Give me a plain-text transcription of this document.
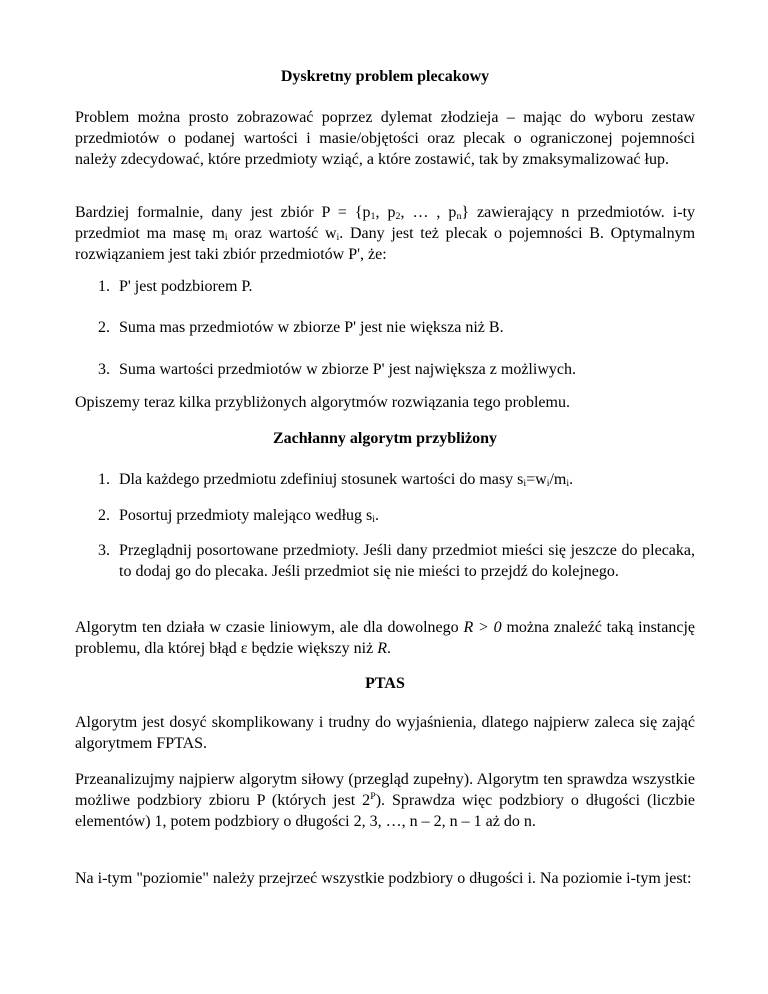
Dyskretny problem plecakowy
Problem można prosto zobrazować poprzez dylemat złodzieja – mając do wyboru zestaw przedmiotów o podanej wartości i masie/objętości oraz plecak o ograniczonej pojemności należy zdecydować, które przedmioty wziąć, a które zostawić, tak by zmaksymalizować łup.
Bardziej formalnie, dany jest zbiór $P = \{p_1$, $p_2$, … , $p_n$} zawierający n przedmiotów. i-ty przedmiot ma masę $m_i$ oraz wartość $w_i$. Dany jest też plecak o pojemności B. Optymalnym rozwiązaniem jest taki zbiór przedmiotów P', że:
1. P' jest podzbiorem P.
2. Suma mas przedmiotów w zbiorze P' jest nie większa niż B.
3. Suma wartości przedmiotów w zbiorze P' jest największa z możliwych.
Opiszemy teraz kilka przybliżonych algorytmów rozwiązania tego problemu.
Zachłanny algorytm przybliżony
1. Dla każdego przedmiotu zdefiniuj stosunek wartości do masy $s_i=w_i/m_i$.
2. Posortuj przedmioty malejąco według $s_i$.
3. Przeglądnij posortowane przedmioty. Jeśli dany przedmiot mieści się jeszcze do plecaka, to dodaj go do plecaka. Jeśli przedmiot się nie mieści to przejdź do kolejnego.
Algorytm ten działa w czasie liniowym, ale dla dowolnego R > 0 można znaleźć taką instancję problemu, dla której błąd ε będzie większy niż R.
PTAS
Algorytm jest dosyć skomplikowany i trudny do wyjaśnienia, dlatego najpierw zaleca się zająć algorytmem FPTAS.
Przeanalizujmy najpierw algorytm siłowy (przegląd zupełny). Algorytm ten sprawdza wszystkie możliwe podzbiory zbioru P (których jest $2^P$). Sprawdza więc podzbiory o długości (liczbie elementów) 1, potem podzbiory o długości 2, 3, …, n – 2, n – 1 aż do n.
Na i-tym "poziomie" należy przejrzeć wszystkie podzbiory o długości i. Na poziomie i-tym jest:
